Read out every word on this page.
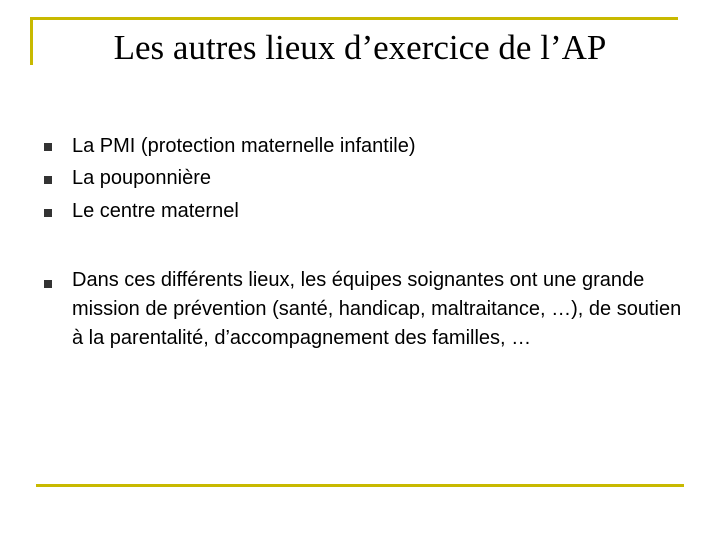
Les autres lieux d’exercice de l’AP
La PMI (protection maternelle infantile)
La pouponnière
Le centre maternel
Dans ces différents lieux, les équipes soignantes ont une grande mission de prévention (santé, handicap, maltraitance, …), de soutien à la parentalité, d’accompagnement des familles, …
